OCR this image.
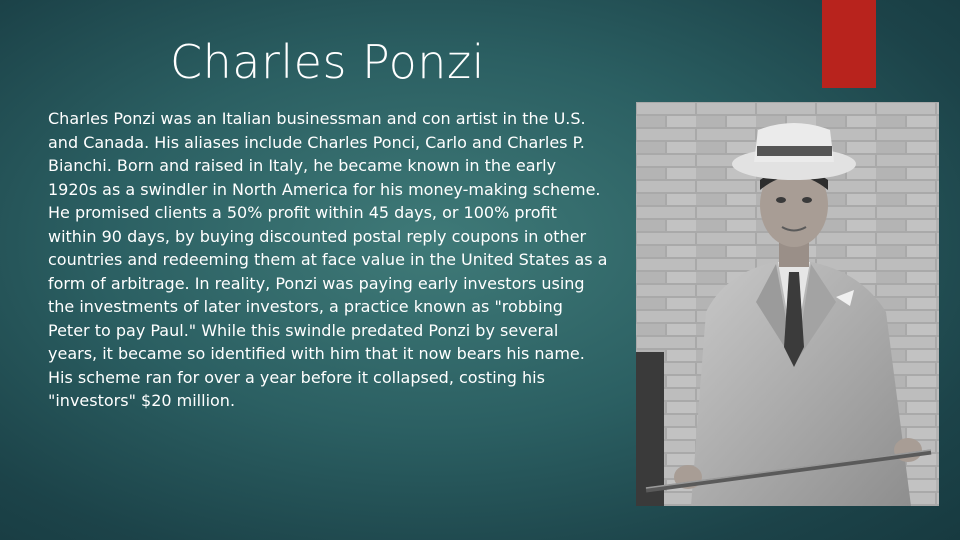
Charles Ponzi
Charles Ponzi was an Italian businessman and con artist in the U.S. and Canada. His aliases include Charles Ponci, Carlo and Charles P. Bianchi. Born and raised in Italy, he became known in the early 1920s as a swindler in North America for his money-making scheme. He promised clients a 50% profit within 45 days, or 100% profit within 90 days, by buying discounted postal reply coupons in other countries and redeeming them at face value in the United States as a form of arbitrage. In reality, Ponzi was paying early investors using the investments of later investors, a practice known as "robbing Peter to pay Paul." While this swindle predated Ponzi by several years, it became so identified with him that it now bears his name. His scheme ran for over a year before it collapsed, costing his "investors" $20 million.
